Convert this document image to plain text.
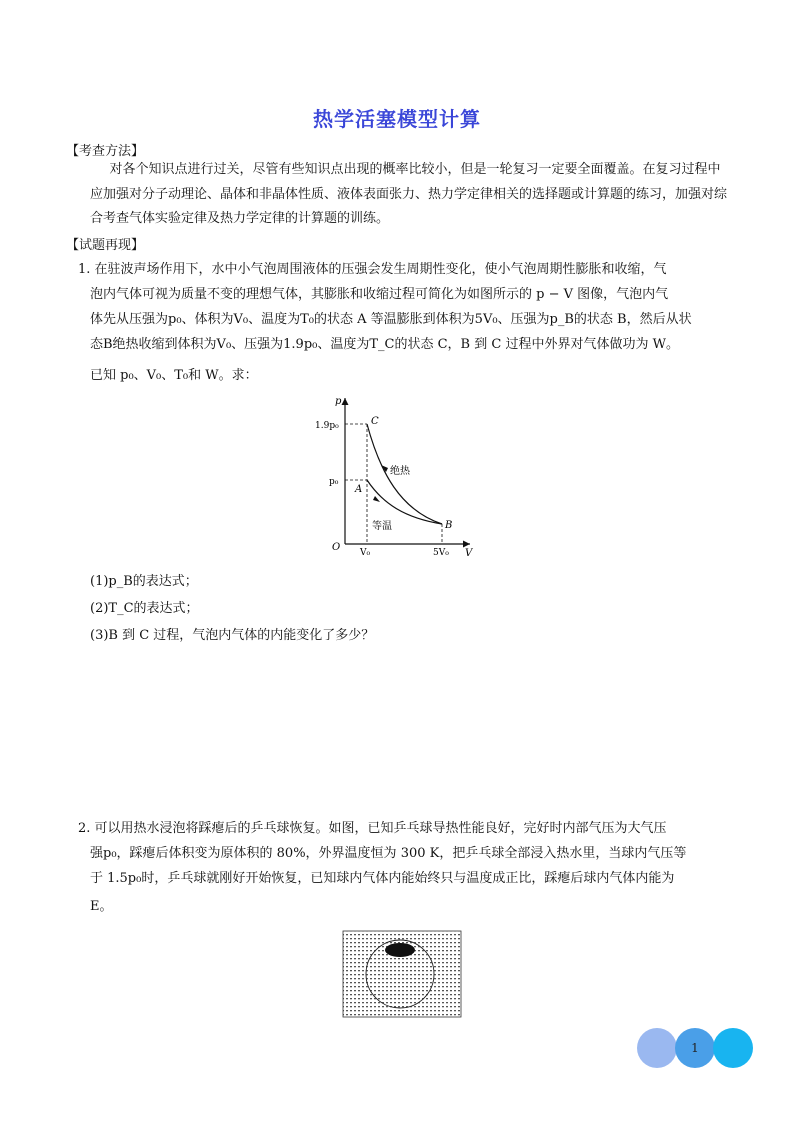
热学活塞模型计算
【考查方法】
对各个知识点进行过关，尽管有些知识点出现的概率比较小，但是一轮复习一定要全面覆盖。在复习过程中应加强对分子动理论、晶体和非晶体性质、液体表面张力、热力学定律相关的选择题或计算题的练习，加强对综合考查气体实验定律及热力学定律的计算题的训练。
【试题再现】
1. 在驻波声场作用下，水中小气泡周围液体的压强会发生周期性变化，使小气泡周期性膨胀和收缩，气
泡内气体可视为质量不变的理想气体，其膨胀和收缩过程可简化为如图所示的 p − V 图像，气泡内气
体先从压强为p₀、体积为V₀、温度为T₀的状态 A 等温膨胀到体积为5V₀、压强为p_B的状态 B，然后从状
态B绝热收缩到体积为V₀、压强为1.9p₀、温度为T_C的状态 C，B 到 C 过程中外界对气体做功为 W。
已知 p₀、V₀、T₀和 W。求：
p
V
O
1.9p₀
p₀
V₀	5V₀
C
A
B
绝热
等温
(1)p_B的表达式；
(2)T_C的表达式；
(3)B 到 C 过程，气泡内气体的内能变化了多少？
2. 可以用热水浸泡将踩瘪后的乒乓球恢复。如图，已知乒乓球导热性能良好，完好时内部气压为大气压
强p₀，踩瘪后体积变为原体积的 80%，外界温度恒为 300 K，把乒乓球全部浸入热水里，当球内气压等
于 1.5p₀时，乒乓球就刚好开始恢复，已知球内气体内能始终只与温度成正比，踩瘪后球内气体内能为
E。
1
